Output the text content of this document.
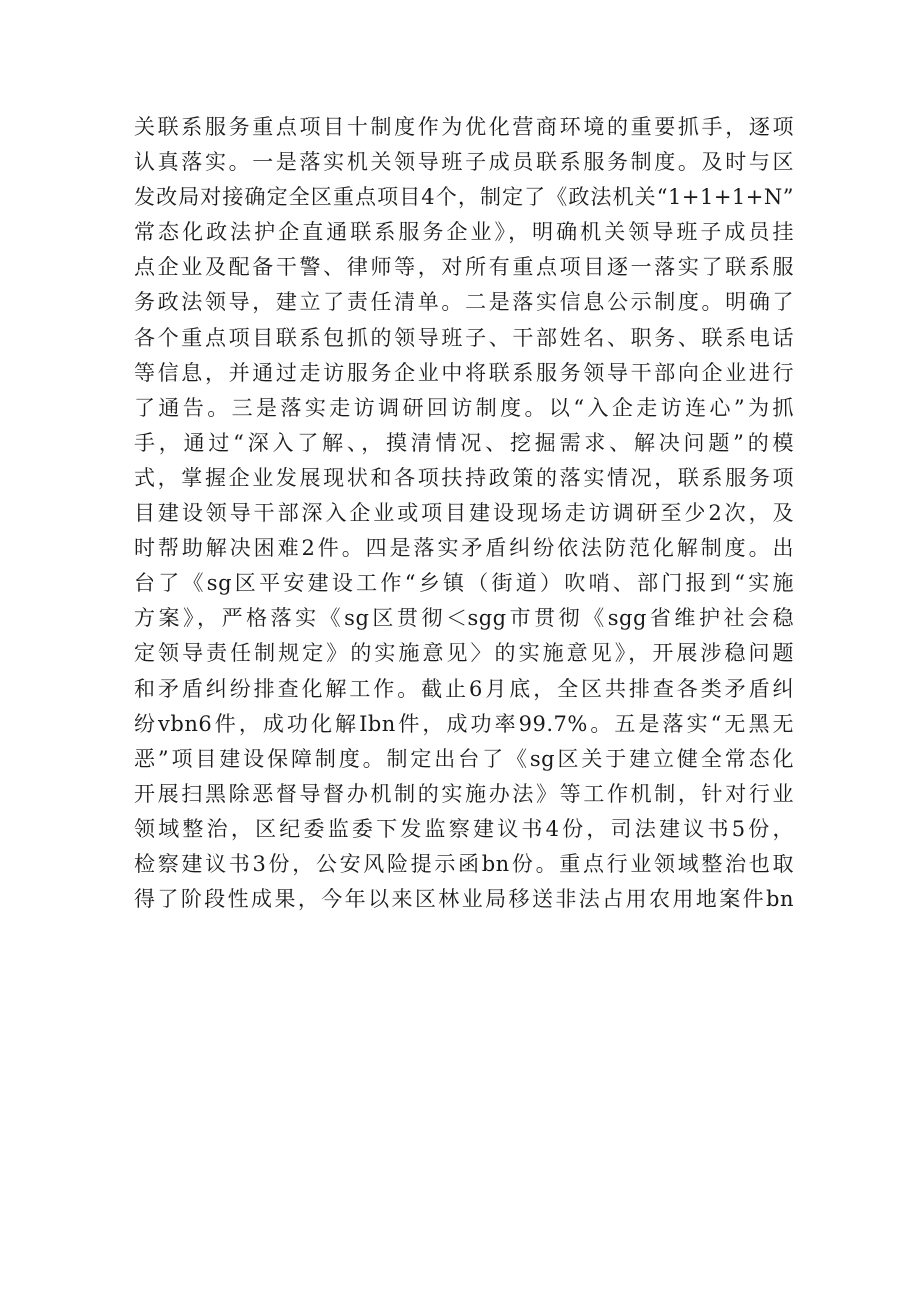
关联系服务重点项目十制度作为优化营商环境的重要抓手，逐项
认真落实。一是落实机关领导班子成员联系服务制度。及时与区
发改局对接确定全区重点项目4个，制定了《政法机关“1+1+1+N”
常态化政法护企直通联系服务企业》，明确机关领导班子成员挂
点企业及配备干警、律师等，对所有重点项目逐一落实了联系服
务政法领导，建立了责任清单。二是落实信息公示制度。明确了
各个重点项目联系包抓的领导班子、干部姓名、职务、联系电话
等信息，并通过走访服务企业中将联系服务领导干部向企业进行
了通告。三是落实走访调研回访制度。以“入企走访连心”为抓
手，通过“深入了解、，摸清情况、挖掘需求、解决问题”的模
式，掌握企业发展现状和各项扶持政策的落实情况，联系服务项
目建设领导干部深入企业或项目建设现场走访调研至少2次，及
时帮助解决困难2件。四是落实矛盾纠纷依法防范化解制度。出
台了《sg区平安建设工作“乡镇（街道）吹哨、部门报到“实施
方案》，严格落实《sg区贯彻＜sgg市贯彻《sgg省维护社会稳
定领导责任制规定》的实施意见〉的实施意见》，开展涉稳问题
和矛盾纠纷排查化解工作。截止6月底，全区共排查各类矛盾纠
纷vbn6件，成功化解Ibn件，成功率99.7%。五是落实“无黑无
恶”项目建设保障制度。制定出台了《sg区关于建立健全常态化
开展扫黑除恶督导督办机制的实施办法》等工作机制，针对行业
领域整治，区纪委监委下发监察建议书4份，司法建议书5份，
检察建议书3份，公安风险提示函bn份。重点行业领域整治也取
得了阶段性成果，今年以来区林业局移送非法占用农用地案件bn
